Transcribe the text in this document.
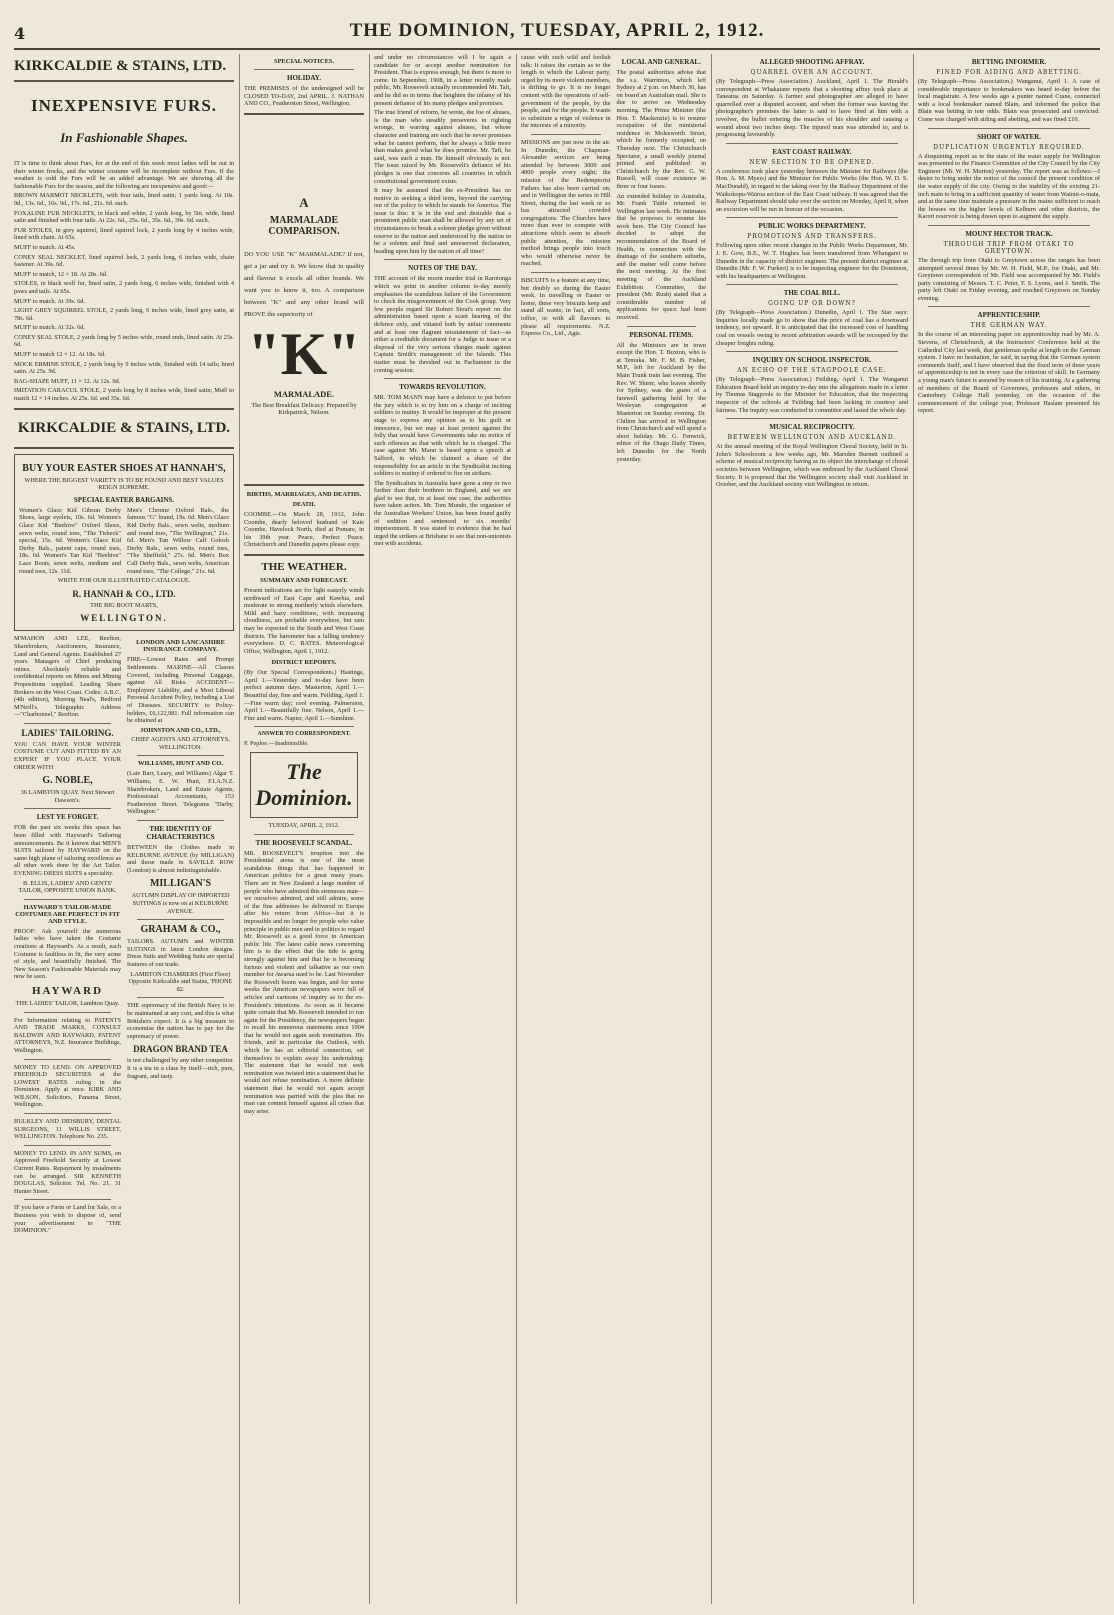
4	THE DOMINION, TUESDAY, APRIL 2, 1912.
KIRKCALDIE & STAINS, LTD.
INEXPENSIVE FURS.
In Fashionable Shapes.

IT is time to think about Furs, for at the end of this week most ladies will be out in their winter frocks, and the winter costume will be incomplete without Furs. If the weather is cold the Furs will be an added advantage. We are showing all the fashionable Furs for the season, and the following are inexpensive and good:—

BROWN MARMOT NECKLETS, with four tails, lined satin; 1 yards long. At 10s. 9d., 13s. 6d., 16s. 9d., 17s. 6d., 21s. 6d. each.

FOXALINE FUR NECKLETS, in black and white, 2 yards long, by 5in. wide, lined satin and finished with four tails. At 22s. 6d., 25s. 6d., 35s. 6d., 39s. 6d. each.

FUR STOLES, in grey squirrel, lined squirrel lock, 2 yards long by 4 inches wide, lined with chain. At 65s.

MUFF to match. At 45s.

CONEY SEAL NECKLET, lined squirrel lock, 2 yards long, 6 inches wide, chain fastener. At 39s. 6d.

MUFF to match, 12 × 18. At 28s. 6d.

STOLES, in black wolf fur, lined satin, 2 yards long, 6 inches wide, finished with 4 paws and tails. At 65s.

MUFF to match. At 39s. 6d.

LIGHT GREY SQUIRREL STOLE, 2 yards long, 6 inches wide, lined grey satin, at 78s. 6d.

MUFF to match. At 32s. 6d.

CONEY SEAL STOLE, 2 yards long by 5 inches wide, round ends, lined satin. At 25s. 6d.

MUFF to match 12 × 12. At 18s. 6d.

MOCK ERMINE STOLE, 2 yards long by 9 inches wide, finished with 14 tails; lined satin. At 25s. 9d.

BAG-SHAPE MUFF, 11 × 12. At 12s. 9d.

IMITATION CARACUL STOLE, 2 yards long by 8 inches wide, lined satin; Muff to match 12 × 14 inches. At 25s. 6d. and 35s. 6d.

KIRKCALDIE & STAINS, LTD.
BUY YOUR EASTER SHOES AT HANNAH'S,

WHERE THE BIGGEST VARIETY IS TO BE FOUND AND BEST VALUES REIGN SUPREME.

SPECIAL EASTER BARGAINS.

Women's Glace Kid Gibson Derby Shoes, large eyelets, 10s. 6d. Women's Glace Kid "Beehive" Oxford Shoes, sewn welts, round toes, "The Tisbeck" special, 15s. 6d. Women's Glace Kid Derby Bals., patent caps, round toes, 18s. 6d. Women's Tan Kid "Beehive" Lace Boots, sewn welts, medium and round toes, 12s. 11d.

Men's Chrome Oxford Bals., the famous "G" brand, 19s. 6d. Men's Glace Kid Derby Bals., sewn welts, medium and round toes, "The Wellington," 21s. 6d. Men's Tan Willow Calf Golosh Derby Bals., sewn welts, round toes, "The Sheffield," 27s. 6d. Men's Box Calf Derby Bals., sewn welts, American round toes, "The College," 21s. 6d.

WRITE FOR OUR ILLUSTRATED CATALOGUE.

R. HANNAH & CO., LTD.

THE BIG BOOT MARTS,

WELLINGTON.

M'MAHON AND LEE, Reefton, Sharebrokers, Auctioneers, Insurance, Land and General Agents. Established 27 years. Managers of Chief producing mines. Absolutely reliable and confidential reports on Mines and Mining Propositions supplied. Leading Share Brokers on the West Coast. Codes: A.B.C. (4th edition), Moreing Neal's, Bedford M'Neill's. Telegraphic Address—"Charbonnel," Reefton.

LADIES' TAILORING.

YOU CAN HAVE YOUR WINTER COSTUME CUT AND FITTED BY AN EXPERT IF YOU PLACE YOUR ORDER WITH

G. NOBLE,

36 LAMBTON QUAY. Next Stewart Dawson's.

LEST YE FORGET.

FOR the past six weeks this space has been filled with Hayward's Tailoring announcements. Be it known that MEN'S SUITS tailored by HAYWARD on the same high plane of tailoring excellence as all other work done by the Art Tailor. EVENING DRESS SUITS a speciality.

B. ELLIS, LADIES' AND GENTS' TAILOR, OPPOSITE UNION BANK.

HAYWARD'S TAILOR-MADE COSTUMES ARE PERFECT IN FIT AND STYLE.

PROOF: Ask yourself the numerous ladies who have taken the Costume creations at Hayward's. As a result, each Costume is faultless in fit, the very acme of style, and beautifully finished. The New Season's Fashionable Materials may now be seen.

HAYWARD

THE LADIES' TAILOR, Lambton Quay.

For Information relating to PATENTS AND TRADE MARKS, CONSULT BALDWIN AND RAYWARD, PATENT ATTORNEYS, N.Z. Insurance Buildings, Wellington.

MONEY TO LEND. ON APPROVED FREEHOLD SECURITIES at the LOWEST RATES ruling in the Dominion. Apply at once. KIRK AND WILSON, Solicitors, Panama Street, Wellington.

BULKLEY AND DIDSBURY, DENTAL SURGEONS, 11 WILLIS STREET, WELLINGTON. Telephone No. 235.

MONEY TO LEND. IN ANY SUMS, on Approved Freehold Security at Lowest Current Rates. Repayment by instalments can be arranged. SIR KENNETH DOUGLAS, Solicitor. Tel. No. 21. 31 Hunter Street.

IF you have a Farm or Land for Sale, or a Business you wish to dispose of, send your advertisement to "THE DOMINION."

LONDON AND LANCASHIRE INSURANCE COMPANY.

FIRE—Lowest Rates and Prompt Settlements. MARINE—All Classes Covered, including Personal Luggage, against All Risks. ACCIDENT—Employers' Liability, and a Most Liberal Personal Accident Policy, including a List of Diseases. SECURITY to Policy-holders, £6,122,981. Full information can be obtained at

JOHNSTON AND CO., LTD.,

CHIEF AGENTS AND ATTORNEYS, WELLINGTON.

WILLIAMS, HUNT AND CO.

(Late Barr, Leary, and Williams) Algar T. Williams, E. W. Hunt, F.I.A.N.Z. Sharebrokers, Land and Estate Agents, Professional Accountants, 153 Featherston Street. Telegrams "Darby, Wellington."

THE IDENTITY OF CHARACTERISTICS

BETWEEN the Clothes made in KELBURNE AVENUE (by MILLIGAN) and those made in SAVILLE ROW (London) is almost indistinguishable.

MILLIGAN'S

AUTUMN DISPLAY OF IMPORTED SUITINGS is now on at KELBURNE AVENUE.

GRAHAM & CO.,

TAILORS. AUTUMN and WINTER SUITINGS in latest London designs. Dress Suits and Wedding Suits are special features of our trade.

LAMBTON CHAMBERS (First Floor) Opposite Kirkcaldie and Stains, 'PHONE 82.

THE supremacy of the British Navy is to be maintained at any cost, and this is what Britishers expect. It is a big measure to economise the nation has to pay for the supremacy of power.

DRAGON BRAND TEA

is not challenged by any other competitor. It is a tea in a class by itself—rich, pure, fragrant, and tasty.

SPECIAL NOTICES.
HOLIDAY.

THE PREMISES of the undersigned will be CLOSED TO-DAY, 2nd APRIL. J. NATHAN AND CO., Featherston Street, Wellington.

A
MARMALADE COMPARISON.

DO YOU USE "K" MARMALADE? If not, get a jar and try it. We know that in quality and flavour it excels all other brands. We want you to know it, too. A comparison between "K" and any other brand will PROVE the superiority of

"K"
MARMALADE.

The Best Breakfast Delicacy. Prepared by Kirkpatrick, Nelson.

BIRTHS, MARRIAGES, AND DEATHS.
DEATH.

COOMBE.—On March 28, 1912, John Coombe, dearly beloved husband of Kate Coombe, Havelock North, died at Pomare, in his 39th year. Peace, Perfect Peace. Christchurch and Dunedin papers please copy.

THE WEATHER.
SUMMARY AND FORECAST.

Present indications are for light easterly winds northward of East Cape and Kawhia, and moderate to strong northerly winds elsewhere. Mild and hazy conditions, with increasing cloudiness, are probable everywhere, but rain may be expected in the South and West Coast districts. The barometer has a falling tendency everywhere. D. C. BATES. Meteorological Office, Wellington, April 1, 1912.

DISTRICT REPORTS.

(By Our Special Correspondents.) Hastings, April 1.—Yesterday and to-day have been perfect autumn days. Masterton, April 1.—Beautiful day, fine and warm. Feilding, April 1.—Fine warm day; cool evening. Palmerston, April 1.—Beautifully fine. Nelson, April 1.—Fine and warm. Napier, April 1.—Sunshine.

ANSWER TO CORRESPONDENT.

P. Peploe.—Inadmissible.

The Dominion.

TUESDAY, APRIL 2, 1912.

THE ROOSEVELT SCANDAL.

MR. ROOSEVELT'S irruption into the Presidential arena is one of the most scandalous things that has happened in American politics for a great many years. There are in New Zealand a large number of people who have admired this strenuous man—we ourselves admired, and still admire, some of the fine addresses he delivered in Europe after his return from Africa—but it is impossible and no longer for people who value principle in public men and in politics to regard Mr. Roosevelt as a good force in American public life. The latest cable news concerning him is to the effect that the tide is going strongly against him and that he is becoming furious and violent and talkative as our own member for Awarua used to be. Last November the Roosevelt boom was begun, and for some weeks the American newspapers were full of articles and cartoons of inquiry as to the ex-President's intentions. As soon as it became quite certain that Mr. Roosevelt intended to run again for the Presidency, the newspapers began to recall his numerous statements since 1904 that he would not again seek nomination. His friends, and in particular the Outlook, with which he has an editorial connection, set themselves to explain away his undertaking. The statement that he would not seek nomination was twisted into a statement that he would not refuse nomination. A more definite statement that he would not again accept nomination was parried with the plea that no man can commit himself against all crises that may arise.

and under no circumstances will I be again a candidate for or accept another nomination for President. That is express enough, but there is more to come. In September, 1908, in a letter recently made public, Mr. Roosevelt actually recommended Mr. Taft, and he did so in terms that heighten the infamy of his present defiance of his many pledges and promises.

The true friend of reform, he wrote, the foe of abuses, is the man who steadily perseveres in righting wrongs, in warring against abuses, but whose character and training are such that he never promises what he cannot perform, that he always a little more than makes good what he does promise. Mr. Taft, he said, was such a man. He himself obviously is not. The issue raised by Mr. Roosevelt's defiance of his pledges is one that concerns all countries in which constitutional government exists.

It may be assumed that the ex-President has no motive in seeking a third term, beyond the carrying out of the policy to which he stands for America. The issue is this: it is in the end and desirable that a prominent public man shall be allowed by any set of circumstances to break a solemn pledge given without reserve to the nation and understood by the nation to be a solemn and final and unreserved declaration, heading upon him by the nation of all time?

NOTES OF THE DAY.

THE account of the recent murder trial in Rarotonga which we print in another column to-day merely emphasises the scandalous failure of the Government to check the misgovernment of the Cook group. Very few people regard Sir Robert Stout's report on the administration based upon a scant hearing of the defence only, and vitiated both by unfair comments and at least one flagrant misstatement of fact—as either a creditable document for a Judge to issue or a disposal of the very serious charges made against Captain Smith's management of the Islands. This matter must be threshed out in Parliament in the coming session.

TOWARDS REVOLUTION.

MR. TOM MANN may have a defence to put before the jury which is to try him on a charge of inciting soldiers to mutiny. It would be improper at the present stage to express any opinion as to his guilt or innocence, but we may at least protest against the folly that would have Governments take no notice of such offences as that with which he is charged. The case against Mr. Mann is based upon a speech at Salford, in which he claimed a share of the responsibility for an article in the Syndicalist inciting soldiers to mutiny if ordered to fire on strikers.

The Syndicalists in Australia have gone a step or two further than their brethren in England, and we are glad to see that, in at least one case, the authorities have taken action. Mr. Tom Mundo, the organiser of the Australian Workers' Union, has been found guilty of sedition and sentenced to six months' imprisonment. It was stated in evidence that he had urged the strikers at Brisbane to see that non-unionists met with accidents.

cause with such wild and foolish talk: It raises the curtain as to the length to which the Labour party, urged by its more violent members, is drifting to go. It is no longer content with the operations of self-government of the people, by the people, and for the people. It wants to substitute a reign of violence in the interests of a minority.

MISSIONS are just now in the air. In Dunedin, the Chapman-Alexander services are being attended by between 3000 and 4000 people every night; the mission of the Redemptorist Fathers has also been carried on; and in Wellington the series in Hill Street, during the last week or so has attracted crowded congregations. The Churches have more than ever to compete with attractions which seem to absorb public attention, the mission method brings people into touch who would otherwise never be reached.

BISCUITS is a feature at any time, but doubly so during the Easter week. In travelling or Easter or home, these very biscuits keep and stand all wants; in fact, all sorts, toffee, or with all flavours to please all requirements. N.Z. Express Co., Ltd., Agts.

LOCAL AND GENERAL.

The postal authorities advise that the s.s. Warrimoo, which left Sydney at 2 p.m. on March 30, has on board an Australian mail. She is due to arrive on Wednesday morning. The Prime Minister (the Hon. T. Mackenzie) is to resume occupation of the ministerial residence in Molesworth Street, which he formerly occupied, on Thursday next. The Christchurch Spectator, a small weekly journal printed and published in Christchurch by the Rev. G. W. Russell, will cease existence in three or four issues.

An extended holiday in Australia, Mr. Frank Tuttle returned to Wellington last week. He intimates that he proposes to resume his work here. The City Council has decided to adopt the recommendation of the Board of Health, in connection with the drainage of the southern suburbs, and the matter will come before the next meeting. At the first meeting of the Auckland Exhibition Committee, the president (Mr. Rush) stated that a considerable number of applications for space had been received.

PERSONAL ITEMS.

All the Ministers are in town except the Hon. T. Buxton, who is at Temuka. Mr. F. M. B. Fisher, M.P., left for Auckland by the Main Trunk train last evening. The Rev. W. Shirer, who leaves shortly for Sydney, was the guest of a farewell gathering held by the Wesleyan congregation at Masterton on Sunday evening. Dr. Chilton has arrived in Wellington from Christchurch and will spend a short holiday. Mr. G. Fenwick, editor of the Otago Daily Times, left Dunedin for the North yesterday.

ALLEGED SHOOTING AFFRAY.
QUARREL OVER AN ACCOUNT.

(By Telegraph—Press Association.) Auckland, April 1. The Herald's correspondent at Whakatane reports that a shooting affray took place at Taneatua on Saturday. A farmer and photographer are alleged to have quarrelled over a disputed account, and when the former was leaving the photographer's premises the latter is said to have fired at him with a revolver, the bullet entering the muscles of his shoulder and causing a wound about two inches deep. The injured man was attended to, and is progressing favourably.

EAST COAST RAILWAY.
NEW SECTION TO BE OPENED.

A conference took place yesterday between the Minister for Railways (the Hon. A. M. Myers) and the Minister for Public Works (the Hon. W. D. S. MacDonald), in regard to the taking over by the Railway Department of the Waikokopu-Wairoa section of the East Coast railway. It was agreed that the Railway Department should take over the section on Monday, April 8, when an excursion will be run in honour of the occasion.

PUBLIC WORKS DEPARTMENT.
PROMOTIONS AND TRANSFERS.

Following upon other recent changes in the Public Works Department, Mr. J. E. Gow, B.E., W. T. Hughes has been transferred from Whangarei to Dunedin in the capacity of district engineer. The present district engineer at Dunedin (Mr. F. W. Furkert) is to be inspecting engineer for the Dominion, with his headquarters at Wellington.

THE COAL BILL.
GOING UP OR DOWN?

(By Telegraph—Press Association.) Dunedin, April 1. The Star says: Inquiries locally made go to show that the price of coal has a downward tendency, not upward. It is anticipated that the increased cost of handling coal on vessels owing to recent arbitration awards will be recouped by the cheaper freights ruling.

INQUIRY ON SCHOOL INSPECTOR.
AN ECHO OF THE STAGPOOLE CASE.

(By Telegraph—Press Association.) Feilding, April 1. The Wanganui Education Board held an inquiry to-day into the allegations made in a letter by Thomas Stagpoole to the Minister for Education, that the inspecting inspector of the schools at Feilding had been lacking in courtesy and fairness. The inquiry was conducted in committee and lasted the whole day.

MUSICAL RECIPROCITY.
BETWEEN WELLINGTON AND AUCKLAND.

At the annual meeting of the Royal Wellington Choral Society, held in St. John's Schoolroom a few weeks ago, Mr. Marsden Burnett outlined a scheme of musical reciprocity having as its object the interchange of choral societies between Wellington, which was endorsed by the Auckland Choral Society. It is proposed that the Wellington society shall visit Auckland in October, and the Auckland society visit Wellington in return.

BETTING INFORMER.
FINED FOR AIDING AND ABETTING.

(By Telegraph—Press Association.) Wanganui, April 1. A case of considerable importance to bookmakers was heard to-day before the local magistrate. A few weeks ago a punter named Crane, connected with a local bookmaker named Blain, and informed the police that Blain was betting in tote odds. Blain was prosecuted and convicted. Crane was charged with aiding and abetting, and was fined £10.

SHORT OF WATER.
DUPLICATION URGENTLY REQUIRED.

A disquieting report as to the state of the water supply for Wellington was presented to the Finance Committee of the City Council by the City Engineer (Mr. W. H. Morton) yesterday. The report was as follows:—I desire to bring under the notice of the council the present condition of the water supply of the city. Owing to the inability of the existing 21-inch main to bring in a sufficient quantity of water from Wainui-o-mata, and at the same time maintain a pressure in the mains sufficient to reach the houses on the higher levels of Kelburn and other districts, the Karori reservoir is being drawn upon to augment the supply.

MOUNT HECTOR TRACK.
THROUGH TRIP FROM OTAKI TO GREYTOWN.

The through trip from Otaki to Greytown across the ranges has been attempted several times by Mr. W. H. Field, M.P., for Otaki, and Mr. Greytown correspondent of Mr. Field was accompanied by Mr. Field's party consisting of Messrs. T. C. Peter, F. S. Lyons, and J. Smith. The party left Otaki on Friday evening, and reached Greytown on Sunday evening.

APPRENTICESHIP.
THE GERMAN WAY.

In the course of an interesting paper on apprenticeship read by Mr. A. Stevens, of Christchurch, at the Instructors' Conference held at the Cathedral City last week, that gentleman spoke at length on the German system. I have no hesitation, he said, in saying that the German system commends itself, and I have observed that the fixed term of three years of apprenticeship is not in every case the criterion of skill. In Germany a young man's future is assured by reason of his training. At a gathering of members of the Board of Governors, professors and others, in Canterbury College Hall yesterday, on the occasion of the commencement of the college year, Professor Haslam presented his report.
